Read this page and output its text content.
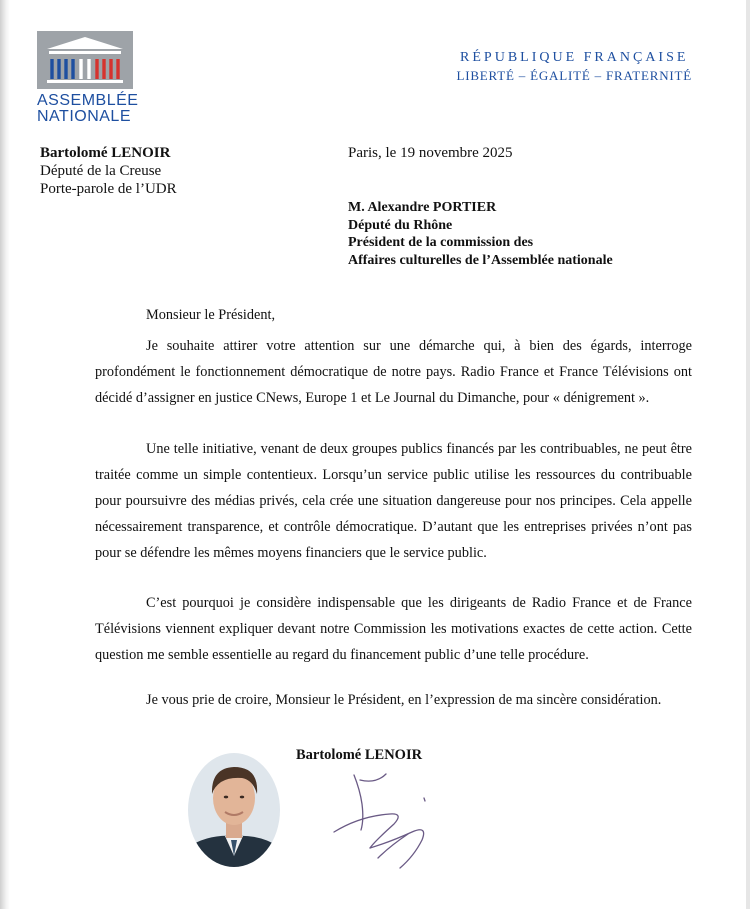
ASSEMBLÉE
NATIONALE
RÉPUBLIQUE FRANÇAISE
LIBERTÉ – ÉGALITÉ – FRATERNITÉ
Bartolomé LENOIR
Député de la Creuse
Porte-parole de l’UDR
Paris, le 19 novembre 2025
M. Alexandre PORTIER
Député du Rhône
Président de la commission des
Affaires culturelles de l’Assemblée nationale

Monsieur le Président,

Je souhaite attirer votre attention sur une démarche qui, à bien des égards, interroge profondément le fonctionnement démocratique de notre pays. Radio France et France Télévisions ont décidé d’assigner en justice CNews, Europe 1 et Le Journal du Dimanche, pour « dénigrement ».

Une telle initiative, venant de deux groupes publics financés par les contribuables, ne peut être traitée comme un simple contentieux. Lorsqu’un service public utilise les ressources du contribuable pour poursuivre des médias privés, cela crée une situation dangereuse pour nos principes. Cela appelle nécessairement transparence, et contrôle démocratique. D’autant que les entreprises privées n’ont pas pour se défendre les mêmes moyens financiers que le service public.

C’est pourquoi je considère indispensable que les dirigeants de Radio France et de France Télévisions viennent expliquer devant notre Commission les motivations exactes de cette action. Cette question me semble essentielle au regard du financement public d’une telle procédure.

Je vous prie de croire, Monsieur le Président, en l’expression de ma sincère considération.
Bartolomé LENOIR
